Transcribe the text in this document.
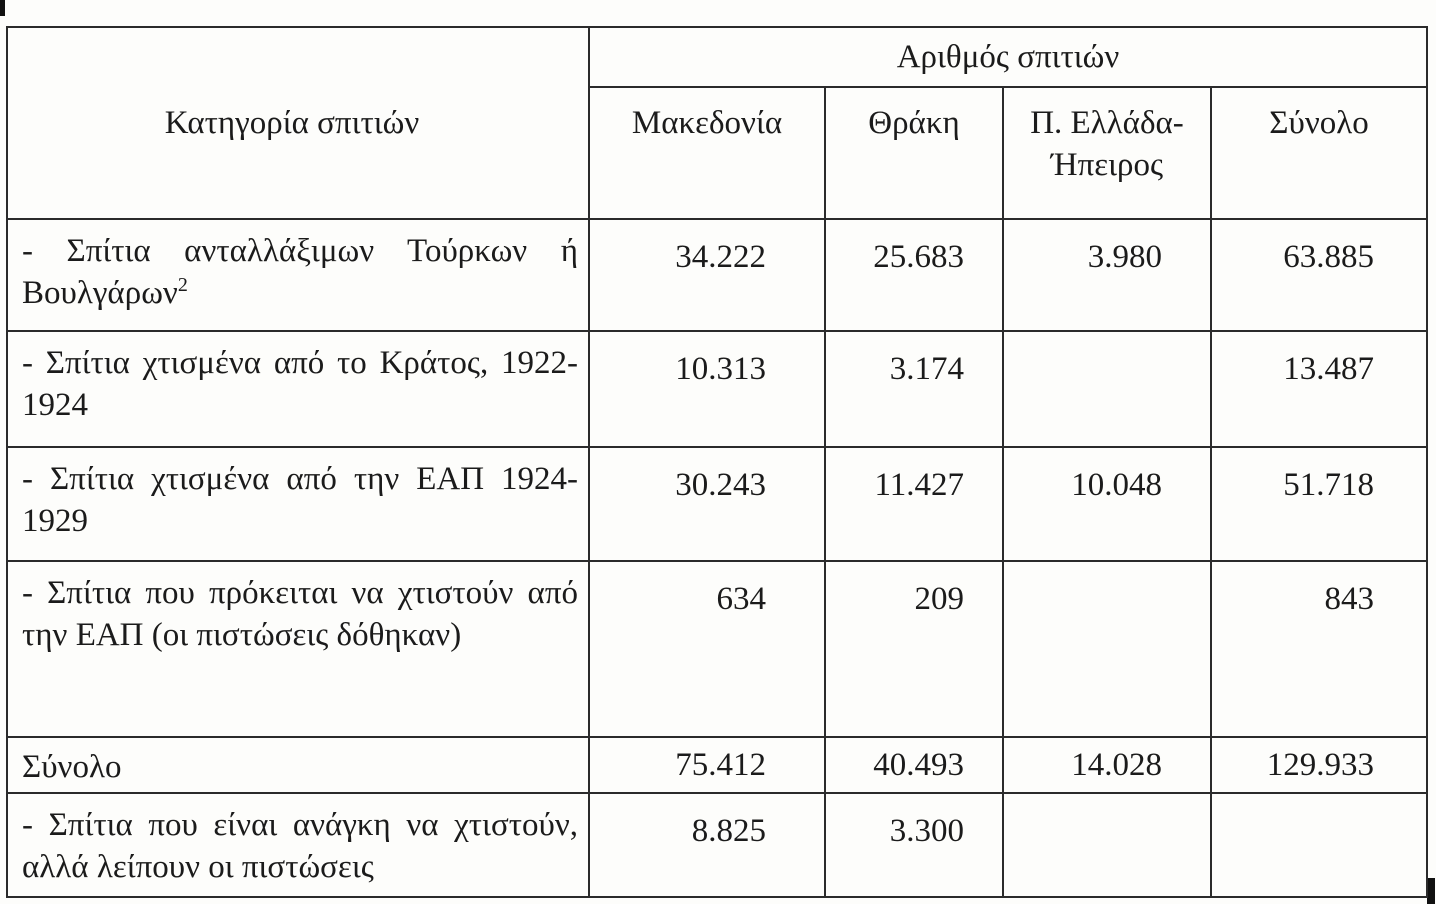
Κατηγορία σπιτιών	Αριθμός σπιτιών			
	Μακεδονία	Θράκη	Π. Ελλάδα-Ήπειρος	Σύνολο
- Σπίτια ανταλλάξιμων Τούρκων ή Βουλγάρων$^2$	34.222	25.683	3.980	63.885
- Σπίτια χτισμένα από το Κράτος, 1922-1924	10.313	3.174		13.487
- Σπίτια χτισμένα από την ΕΑΠ 1924-1929	30.243	11.427	10.048	51.718
- Σπίτια που πρόκειται να χτιστούν από την ΕΑΠ (οι πιστώσεις δόθηκαν)	634	209		843
Σύνολο	75.412	40.493	14.028	129.933
- Σπίτια που είναι ανάγκη να χτιστούν, αλλά λείπουν οι πιστώσεις	8.825	3.300		
